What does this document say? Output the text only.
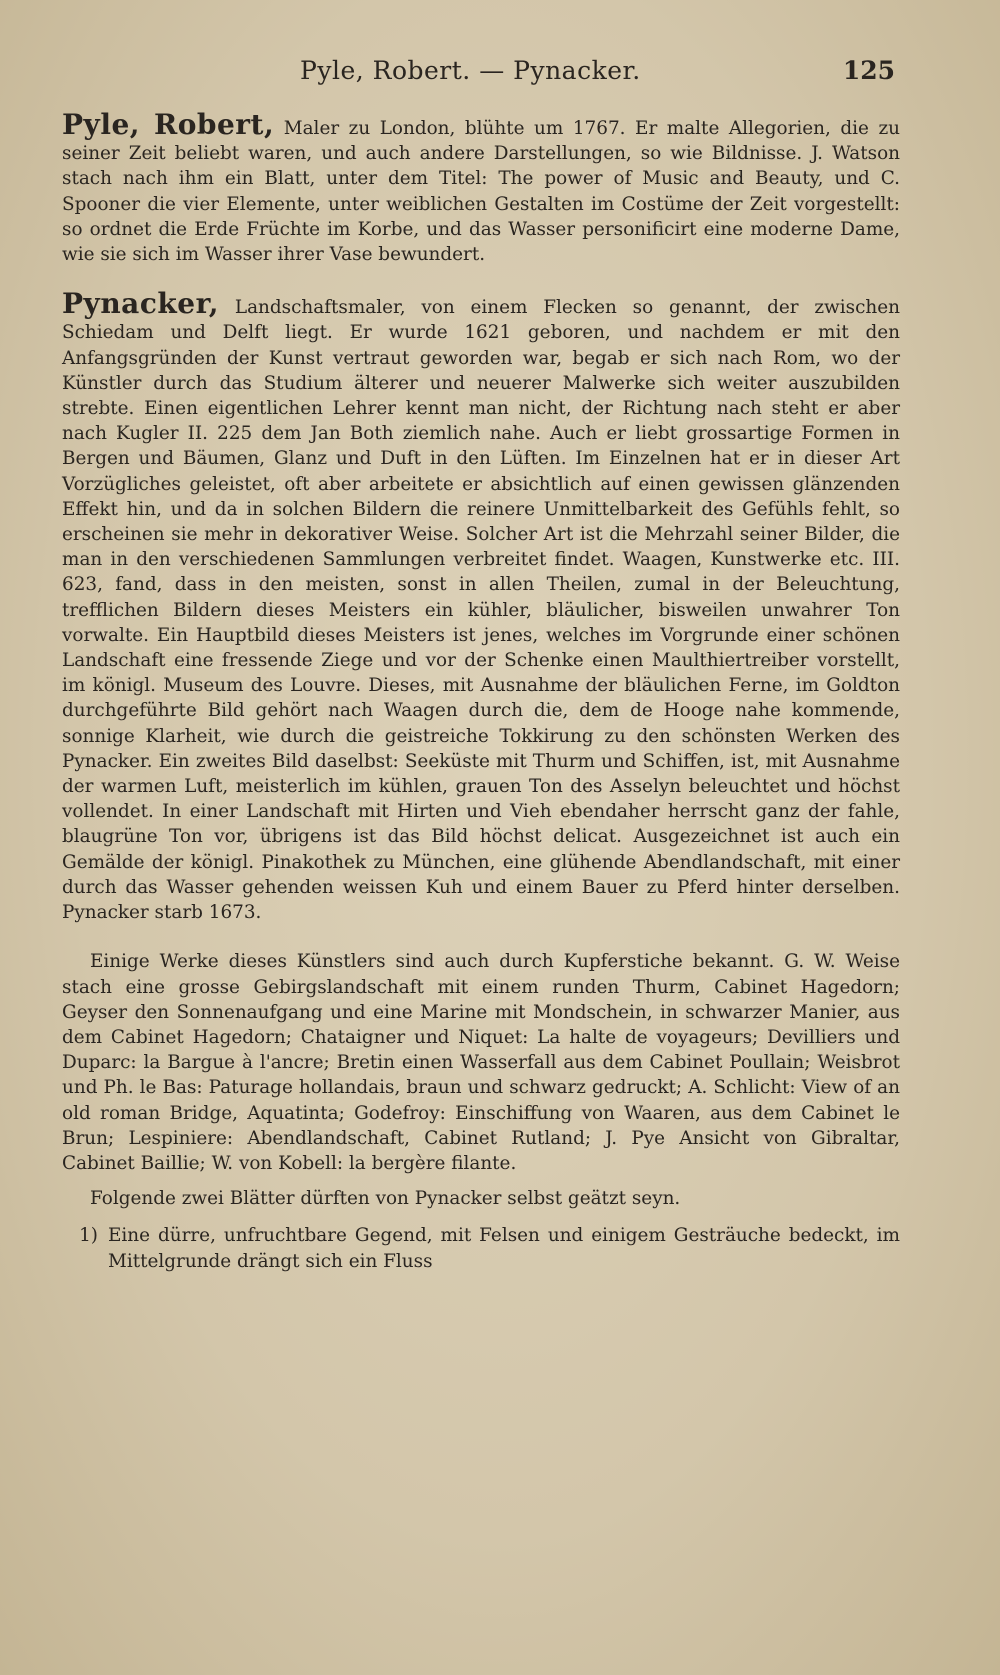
Pyle, Robert. — Pynacker.	125

Pyle, Robert, Maler zu London, blühte um 1767. Er malte Allegorien, die zu seiner Zeit beliebt waren, und auch andere Darstellungen, so wie Bildnisse. J. Watson stach nach ihm ein Blatt, unter dem Titel: The power of Music and Beauty, und C. Spooner die vier Elemente, unter weiblichen Gestalten im Costüme der Zeit vorgestellt: so ordnet die Erde Früchte im Korbe, und das Wasser personificirt eine moderne Dame, wie sie sich im Wasser ihrer Vase bewundert.

Pynacker, Landschaftsmaler, von einem Flecken so genannt, der zwischen Schiedam und Delft liegt. Er wurde 1621 geboren, und nachdem er mit den Anfangsgründen der Kunst vertraut geworden war, begab er sich nach Rom, wo der Künstler durch das Studium älterer und neuerer Malwerke sich weiter auszubilden strebte. Einen eigentlichen Lehrer kennt man nicht, der Richtung nach steht er aber nach Kugler II. 225 dem Jan Both ziemlich nahe. Auch er liebt grossartige Formen in Bergen und Bäumen, Glanz und Duft in den Lüften. Im Einzelnen hat er in dieser Art Vorzügliches geleistet, oft aber arbeitete er absichtlich auf einen gewissen glänzenden Effekt hin, und da in solchen Bildern die reinere Unmittelbarkeit des Gefühls fehlt, so erscheinen sie mehr in dekorativer Weise. Solcher Art ist die Mehrzahl seiner Bilder, die man in den verschiedenen Sammlungen verbreitet findet. Waagen, Kunstwerke etc. III. 623, fand, dass in den meisten, sonst in allen Theilen, zumal in der Beleuchtung, trefflichen Bildern dieses Meisters ein kühler, bläulicher, bisweilen unwahrer Ton vorwalte. Ein Hauptbild dieses Meisters ist jenes, welches im Vorgrunde einer schönen Landschaft eine fressende Ziege und vor der Schenke einen Maulthiertreiber vorstellt, im königl. Museum des Louvre. Dieses, mit Ausnahme der bläulichen Ferne, im Goldton durchgeführte Bild gehört nach Waagen durch die, dem de Hooge nahe kommende, sonnige Klarheit, wie durch die geistreiche Tokkirung zu den schönsten Werken des Pynacker. Ein zweites Bild daselbst: Seeküste mit Thurm und Schiffen, ist, mit Ausnahme der warmen Luft, meisterlich im kühlen, grauen Ton des Asselyn beleuchtet und höchst vollendet. In einer Landschaft mit Hirten und Vieh ebendaher herrscht ganz der fahle, blaugrüne Ton vor, übrigens ist das Bild höchst delicat. Ausgezeichnet ist auch ein Gemälde der königl. Pinakothek zu München, eine glühende Abendlandschaft, mit einer durch das Wasser gehenden weissen Kuh und einem Bauer zu Pferd hinter derselben. Pynacker starb 1673.

Einige Werke dieses Künstlers sind auch durch Kupferstiche bekannt. G. W. Weise stach eine grosse Gebirgslandschaft mit einem runden Thurm, Cabinet Hagedorn; Geyser den Sonnenaufgang und eine Marine mit Mondschein, in schwarzer Manier, aus dem Cabinet Hagedorn; Chataigner und Niquet: La halte de voyageurs; Devilliers und Duparc: la Bargue à l'ancre; Bretin einen Wasserfall aus dem Cabinet Poullain; Weisbrot und Ph. le Bas: Paturage hollandais, braun und schwarz gedruckt; A. Schlicht: View of an old roman Bridge, Aquatinta; Godefroy: Einschiffung von Waaren, aus dem Cabinet le Brun; Lespiniere: Abendlandschaft, Cabinet Rutland; J. Pye Ansicht von Gibraltar, Cabinet Baillie; W. von Kobell: la bergère filante.

Folgende zwei Blätter dürften von Pynacker selbst geätzt seyn.

1) Eine dürre, unfruchtbare Gegend, mit Felsen und einigem Gesträuche bedeckt, im Mittelgrunde drängt sich ein Fluss
